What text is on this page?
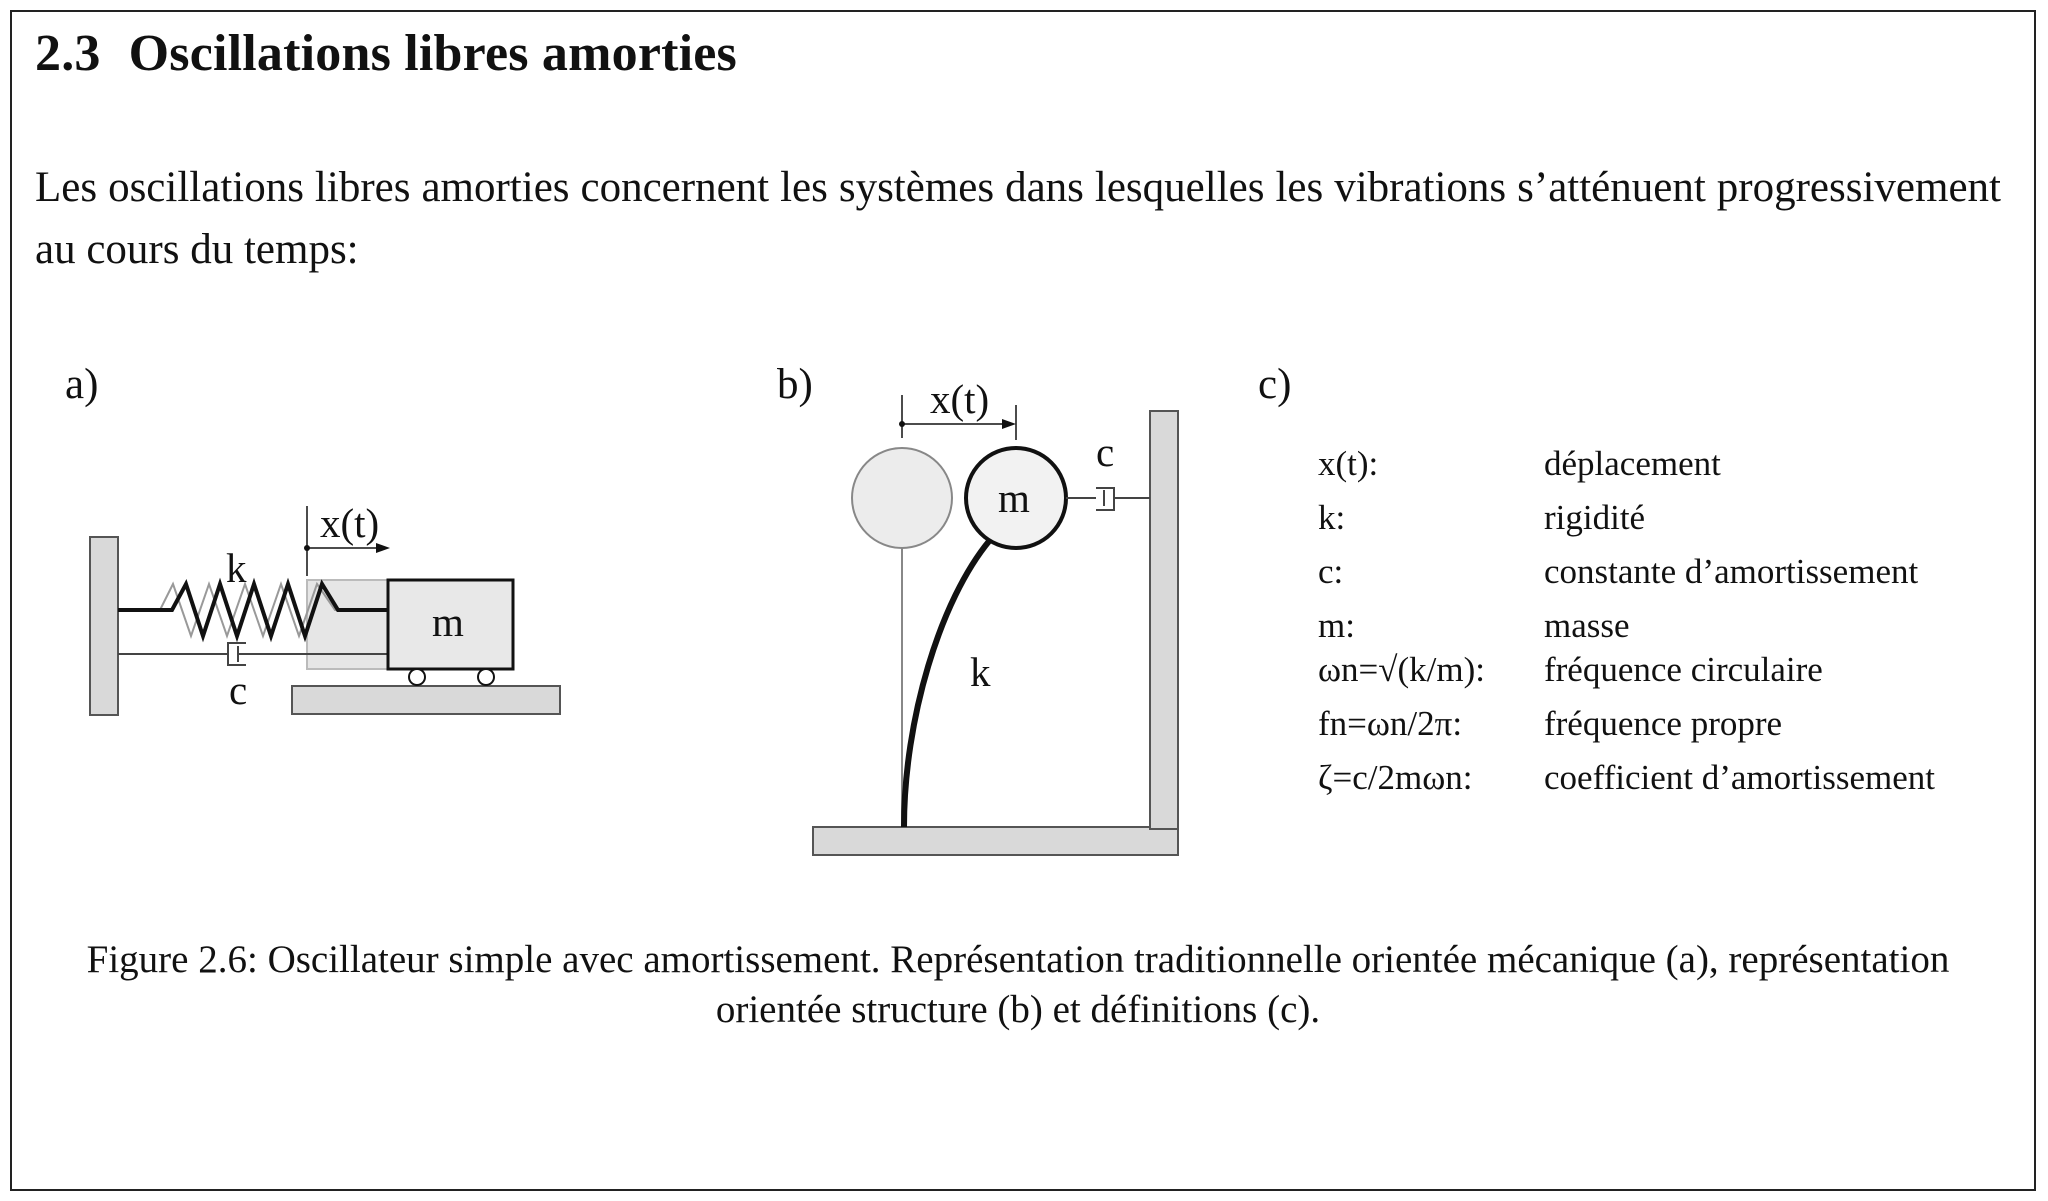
2.3 Oscillations libres amorties

Les oscillations libres amorties concernent les systèmes dans lesquelles les vibrations s’atténuent progressivement au cours du temps:

x(t)
k
c
m
x(t)
c
m
k
a)	b)	c)
x(t):	déplacement
k:	rigidité
c:	constante d’amortissement
m:	masse
ωn=√(k/m): fréquence circulaire
fn=ωn/2π: fréquence propre
ζ=c/2mωn: coefficient d’amortissement

Figure 2.6: Oscillateur simple avec amortissement. Représentation traditionnelle orientée mécanique (a), représentation orientée structure (b) et définitions (c).
